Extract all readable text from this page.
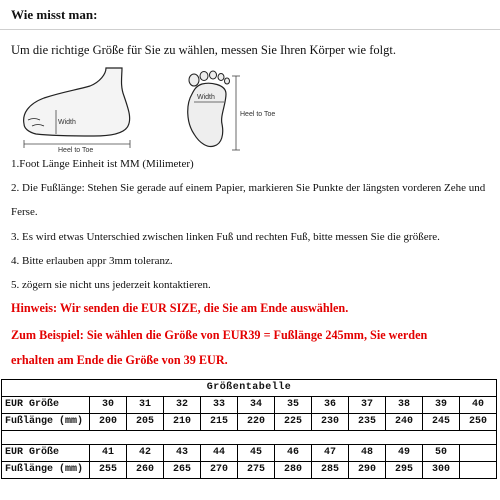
Wie misst man:
Um die richtige Größe für Sie zu wählen, messen Sie Ihren Körper wie folgt.
Width
Heel to Toe
Width
Heel to Toe
1.Foot Länge Einheit ist MM (Milimeter)
2. Die Fußlänge: Stehen Sie gerade auf einem Papier, markieren Sie Punkte der längsten vorderen Zehe und
Ferse.
3. Es wird etwas Unterschied zwischen linken Fuß und rechten Fuß, bitte messen Sie die größere.
4. Bitte erlauben appr 3mm toleranz.
5. zögern sie nicht uns jederzeit kontaktieren.
Hinweis: Wir senden die EUR SIZE, die Sie am Ende auswählen.
Zum Beispiel: Sie wählen die Größe von EUR39 = Fußlänge 245mm, Sie werden
erhalten am Ende die Größe von 39 EUR.
Größentabelle											
EUR Größe	30	31	32	33	34	35	36	37	38	39	40
Fußlänge (mm)	200	205	210	215	220	225	230	235	240	245	250

EUR Größe	41	42	43	44	45	46	47	48	49	50	
Fußlänge (mm)	255	260	265	270	275	280	285	290	295	300	
